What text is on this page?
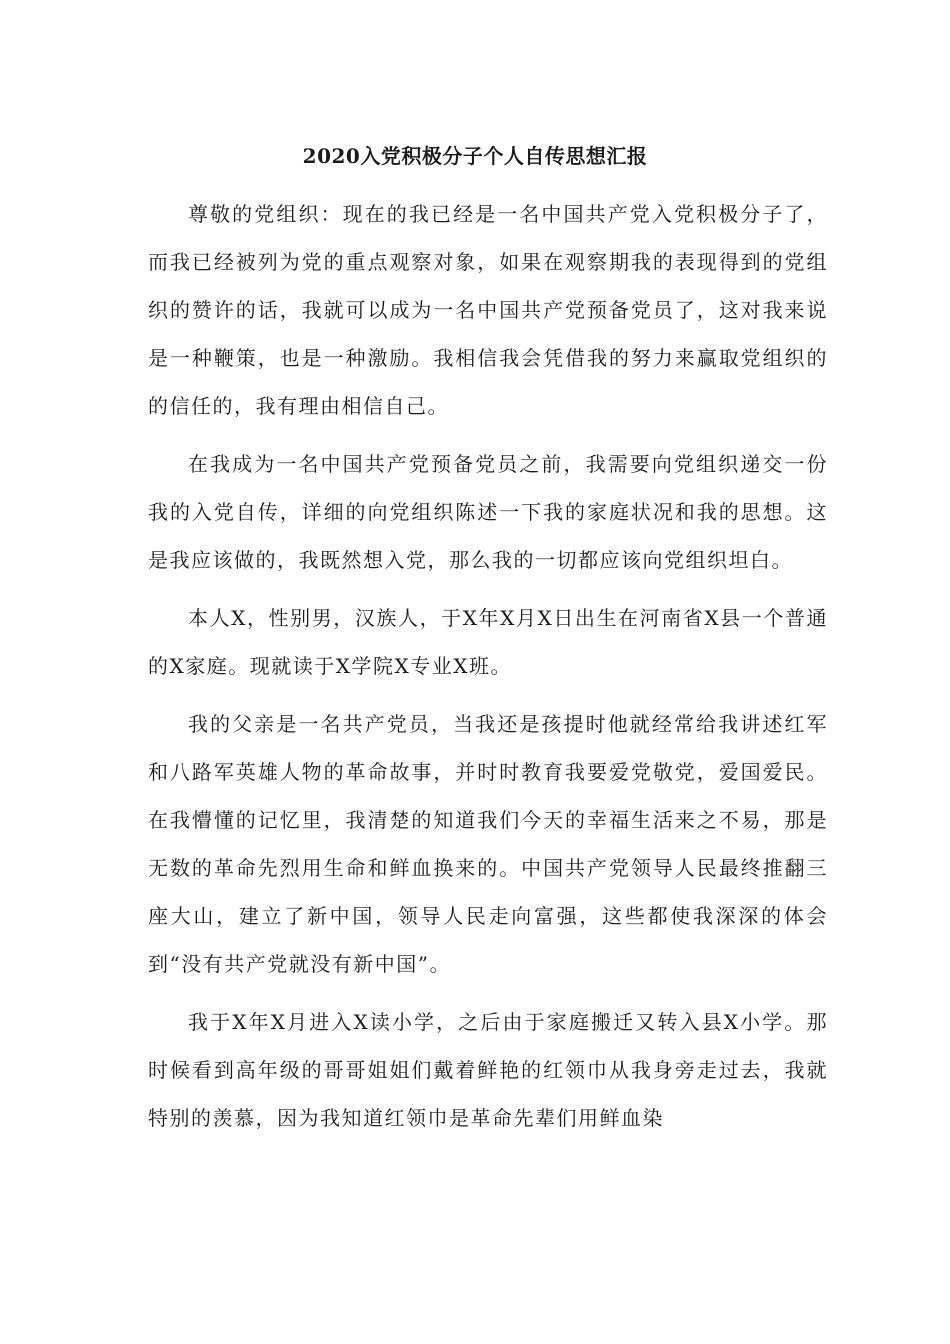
2020入党积极分子个人自传思想汇报

尊敬的党组织：现在的我已经是一名中国共产党入党积极分子了，而我已经被列为党的重点观察对象，如果在观察期我的表现得到的党组织的赞许的话，我就可以成为一名中国共产党预备党员了，这对我来说是一种鞭策，也是一种激励。我相信我会凭借我的努力来赢取党组织的的信任的，我有理由相信自己。

在我成为一名中国共产党预备党员之前，我需要向党组织递交一份我的入党自传，详细的向党组织陈述一下我的家庭状况和我的思想。这是我应该做的，我既然想入党，那么我的一切都应该向党组织坦白。

本人X，性别男，汉族人，于X年X月X日出生在河南省X县一个普通的X家庭。现就读于X学院X专业X班。

我的父亲是一名共产党员，当我还是孩提时他就经常给我讲述红军和八路军英雄人物的革命故事，并时时教育我要爱党敬党，爱国爱民。在我懵懂的记忆里，我清楚的知道我们今天的幸福生活来之不易，那是无数的革命先烈用生命和鲜血换来的。中国共产党领导人民最终推翻三座大山，建立了新中国，领导人民走向富强，这些都使我深深的体会到“没有共产党就没有新中国”。

我于X年X月进入X读小学，之后由于家庭搬迁又转入县X小学。那时候看到高年级的哥哥姐姐们戴着鲜艳的红领巾从我身旁走过去，我就特别的羡慕，因为我知道红领巾是革命先辈们用鲜血染
